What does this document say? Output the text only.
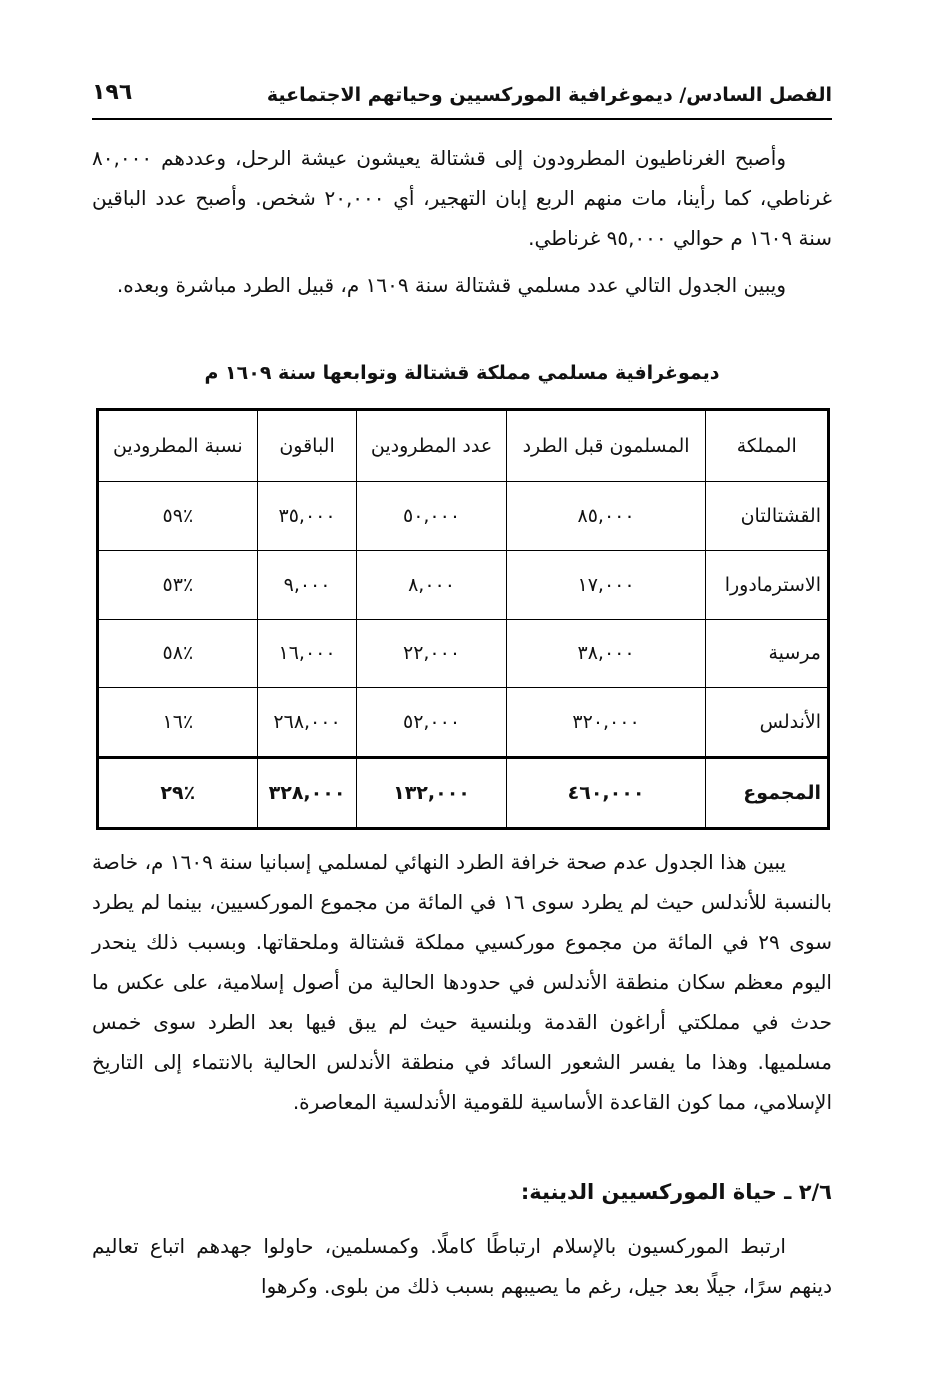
الفصل السادس/ ديموغرافية الموركسيين وحياتهم الاجتماعية
١٩٦

وأصبح الغرناطيون المطرودون إلى قشتالة يعيشون عيشة الرحل، وعددهم ٨٠,٠٠٠ غرناطي، كما رأينا، مات منهم الربع إبان التهجير، أي ٢٠,٠٠٠ شخص. وأصبح عدد الباقين سنة ١٦٠٩ م حوالي ٩٥,٠٠٠ غرناطي.

ويبين الجدول التالي عدد مسلمي قشتالة سنة ١٦٠٩ م، قبيل الطرد مباشرة وبعده.

ديموغرافية مسلمي مملكة قشتالة وتوابعها سنة ١٦٠٩ م
المملكة	المسلمون قبل الطرد	عدد المطرودين	الباقون	نسبة المطرودين
القشتالتان	٨٥,٠٠٠	٥٠,٠٠٠	٣٥,٠٠٠	٪٥٩
الاسترمادورا	١٧,٠٠٠	٨,٠٠٠	٩,٠٠٠	٪٥٣
مرسية	٣٨,٠٠٠	٢٢,٠٠٠	١٦,٠٠٠	٪٥٨
الأندلس	٣٢٠,٠٠٠	٥٢,٠٠٠	٢٦٨,٠٠٠	٪١٦
المجموع	٤٦٠,٠٠٠	١٣٢,٠٠٠	٣٢٨,٠٠٠	٪٢٩

يبين هذا الجدول عدم صحة خرافة الطرد النهائي لمسلمي إسبانيا سنة ١٦٠٩ م، خاصة بالنسبة للأندلس حيث لم يطرد سوى ١٦ في المائة من مجموع الموركسيين، بينما لم يطرد سوى ٢٩ في المائة من مجموع موركسيي مملكة قشتالة وملحقاتها. وبسبب ذلك ينحدر اليوم معظم سكان منطقة الأندلس في حدودها الحالية من أصول إسلامية، على عكس ما حدث في مملكتي أراغون القدمة وبلنسية حيث لم يبق فيها بعد الطرد سوى خمس مسلميها. وهذا ما يفسر الشعور السائد في منطقة الأندلس الحالية بالانتماء إلى التاريخ الإسلامي، مما كون القاعدة الأساسية للقومية الأندلسية المعاصرة.

٢/٦ ـ حياة الموركسيين الدينية:

ارتبط الموركسيون بالإسلام ارتباطًا كاملًا. وكمسلمين، حاولوا جهدهم اتباع تعاليم دينهم سرًا، جيلًا بعد جيل، رغم ما يصيبهم بسبب ذلك من بلوى. وكرهوا
